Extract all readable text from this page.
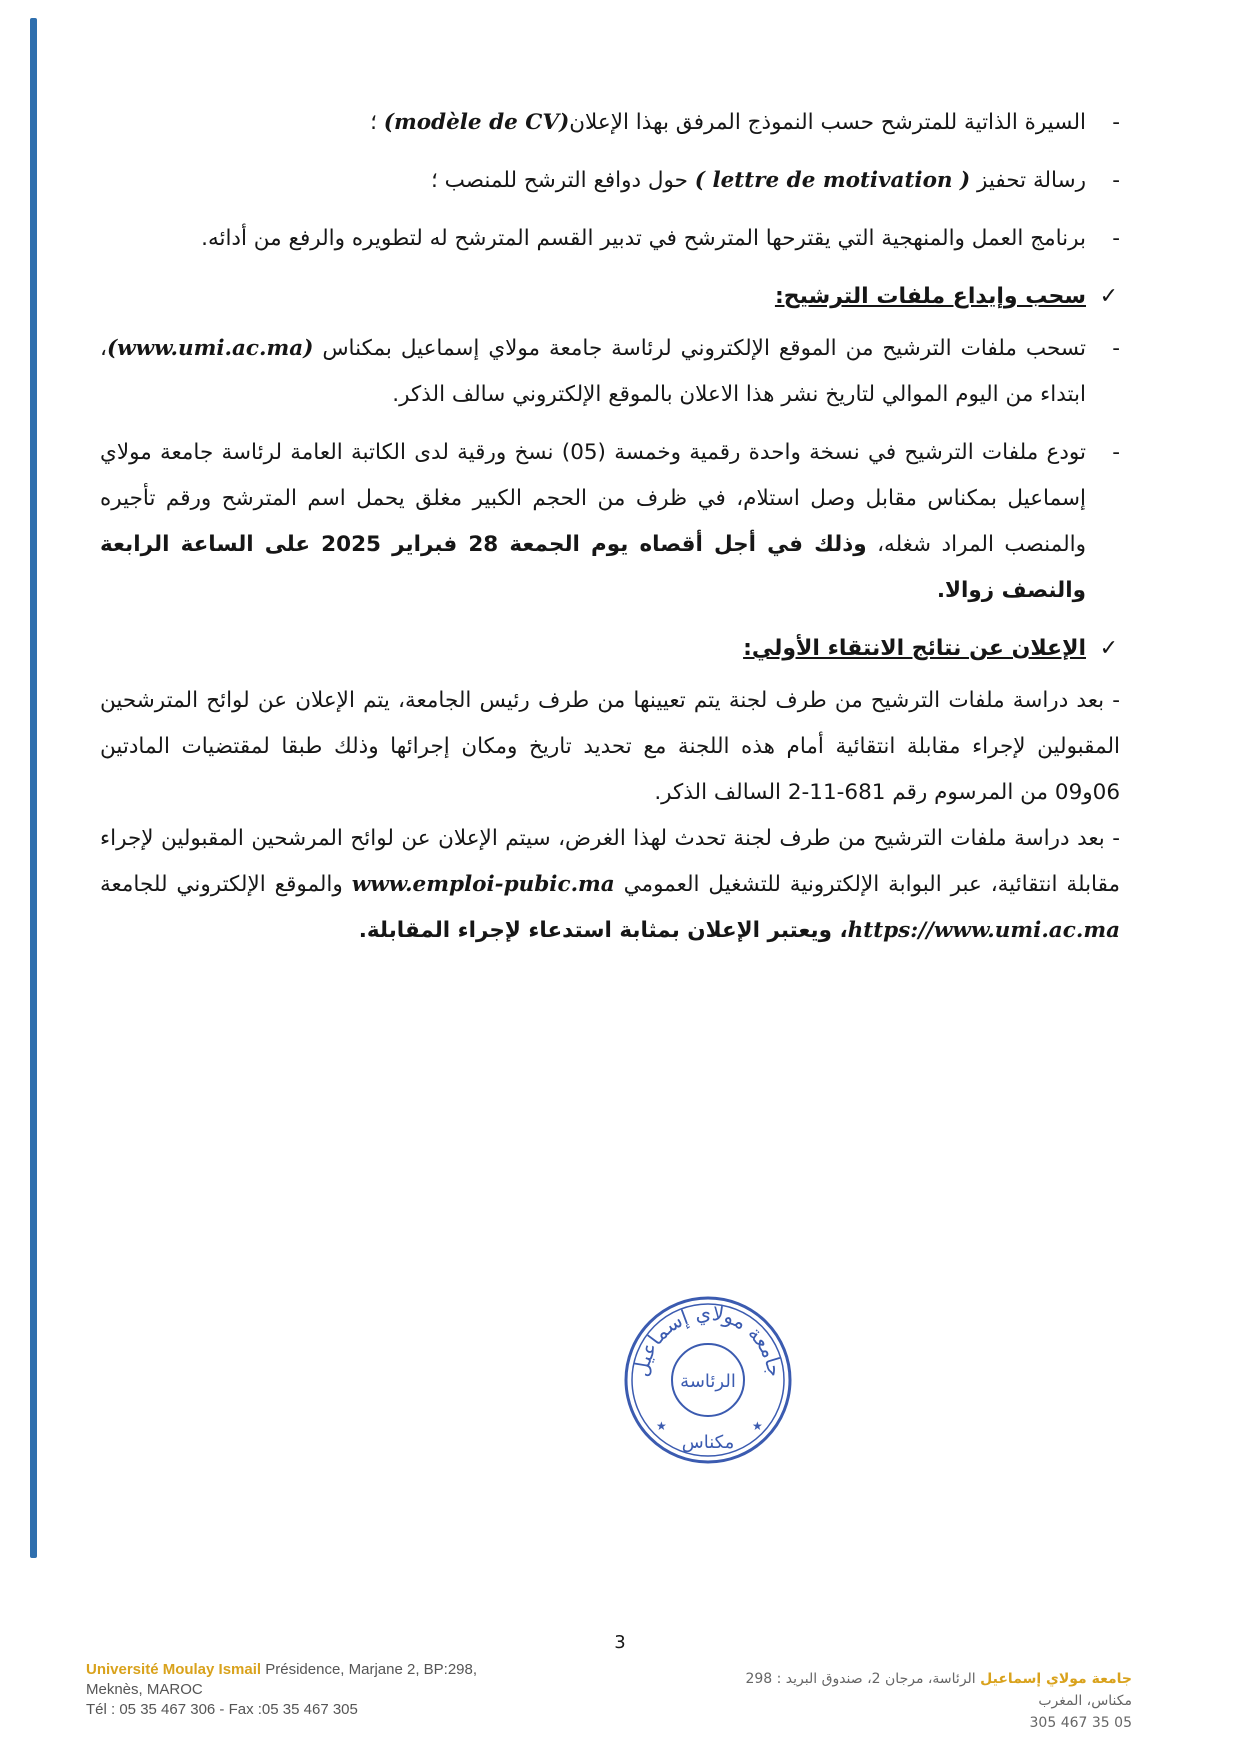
-
السيرة الذاتية للمترشح حسب النموذج المرفق بهذا الإعلان(modèle de CV) ؛
-
رسالة تحفيز ( lettre de motivation ) حول دوافع الترشح للمنصب ؛
-
برنامج العمل والمنهجية التي يقترحها المترشح في تدبير القسم المترشح له لتطويره والرفع من أدائه.
✓
سحب وإيداع ملفات الترشيح:
-
تسحب ملفات الترشيح من الموقع الإلكتروني لرئاسة جامعة مولاي إسماعيل بمكناس (www.umi.ac.ma)، ابتداء من اليوم الموالي لتاريخ نشر هذا الاعلان بالموقع الإلكتروني سالف الذكر.
-
تودع ملفات الترشيح في نسخة واحدة رقمية وخمسة (05) نسخ ورقية لدى الكاتبة العامة لرئاسة جامعة مولاي إسماعيل بمكناس مقابل وصل استلام، في ظرف من الحجم الكبير مغلق يحمل اسم المترشح ورقم تأجيره والمنصب المراد شغله، وذلك في أجل أقصاه يوم الجمعة 28 فبراير 2025 على الساعة الرابعة والنصف زوالا.
✓
الإعلان عن نتائج الانتقاء الأولي:
- بعد دراسة ملفات الترشيح من طرف لجنة يتم تعيينها من طرف رئيس الجامعة، يتم الإعلان عن لوائح المترشحين المقبولين لإجراء مقابلة انتقائية أمام هذه اللجنة مع تحديد تاريخ ومكان إجرائها وذلك طبقا لمقتضيات المادتين 06و09 من المرسوم رقم 681-11-2 السالف الذكر.
- بعد دراسة ملفات الترشيح من طرف لجنة تحدث لهذا الغرض، سيتم الإعلان عن لوائح المرشحين المقبولين لإجراء مقابلة انتقائية، عبر البوابة الإلكترونية للتشغيل العمومي www.emploi-pubic.ma والموقع الإلكتروني للجامعة https://www.umi.ac.ma، ويعتبر الإعلان بمثابة استدعاء لإجراء المقابلة.
جامعة مولاي إسماعيل
الرئاسة
مكناس
★	★
3
Université Moulay Ismail Présidence, Marjane 2, BP:298,
Meknès, MAROC
Tél : 05 35 467 306 - Fax :05 35 467 305
جامعة مولاي إسماعيل الرئاسة، مرجان 2، صندوق البريد : 298
مكناس، المغرب
05 35 467 305
